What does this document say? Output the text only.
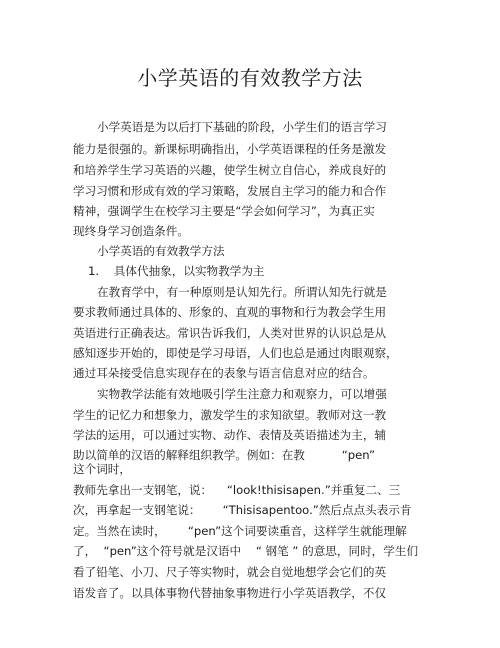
小学英语的有效教学方法
小学英语是为以后打下基础的阶段，小学生们的语言学习
能力是很强的。新课标明确指出，小学英语课程的任务是激发
和培养学生学习英语的兴趣，使学生树立自信心，养成良好的
学习习惯和形成有效的学习策略，发展自主学习的能力和合作
精神，强调学生在校学习主要是“学会如何学习”，为真正实
现终身学习创造条件。
小学英语的有效教学方法
1.    具体代抽象，以实物教学为主
在教育学中，有一种原则是认知先行。所谓认知先行就是
要求教师通过具体的、形象的、直观的事物和行为教会学生用
英语进行正确表达。常识告诉我们，人类对世界的认识总是从
感知逐步开始的，即使是学习母语，人们也总是通过肉眼观察，
通过耳朵接受信息实现存在的表象与语言信息对应的结合。
实物教学法能有效地吸引学生注意力和观察力，可以增强
学生的记忆力和想象力，激发学生的求知欲望。教师对这一教
学法的运用，可以通过实物、动作、表情及英语描述为主，辅
助以简单的汉语的解释组织教学。例如：在教          “pen”
这个词时，
教师先拿出一支钢笔，说：    “look!thisisapen.”并重复二、三
次，再拿起一支钢笔说：      “Thisisapentoo.”然后点点头表示肯
定。当然在读时，      “pen”这个词要读重音，这样学生就能理解
了，  “pen”这个符号就是汉语中    “ 钢笔 ” 的意思，同时，学生们
看了铅笔、小刀、尺子等实物时，就会自觉地想学会它们的英
语发音了。以具体事物代替抽象事物进行小学英语教学，不仅
